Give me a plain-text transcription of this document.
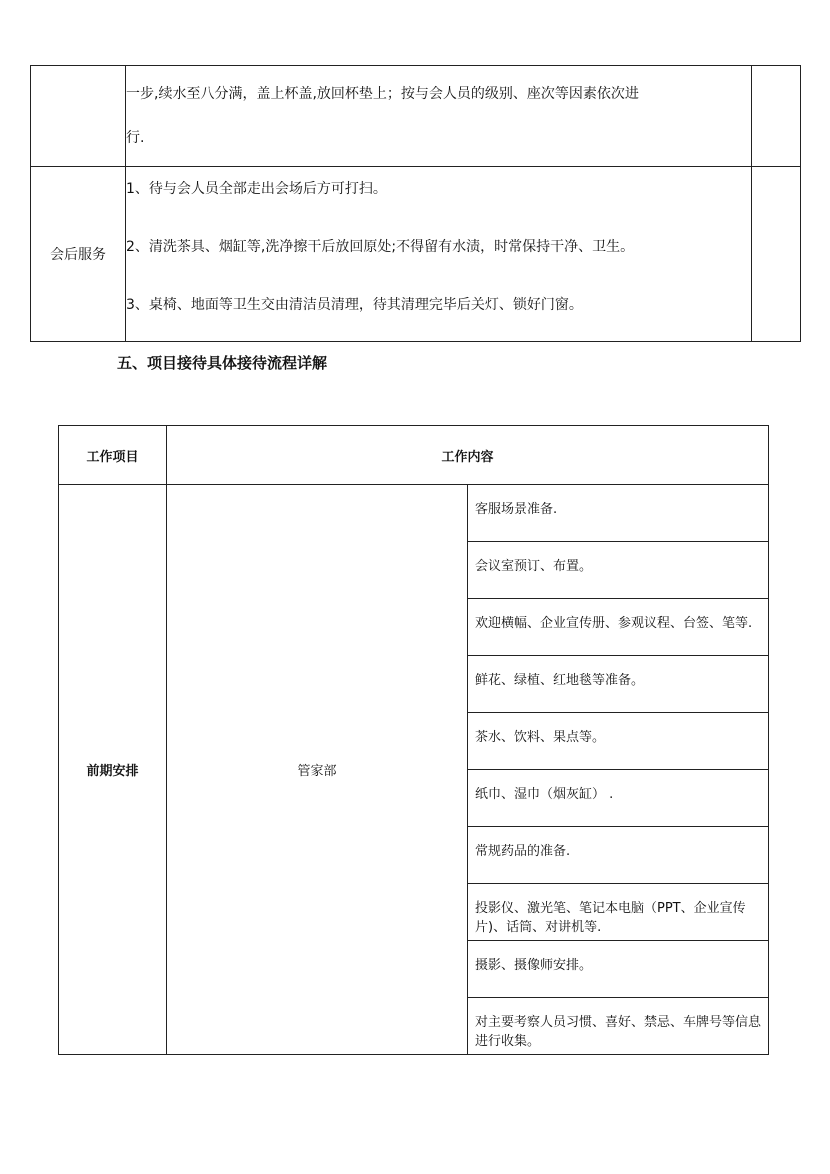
	一步,续水至八分满，盖上杯盖,放回杯垫上；按与会人员的级别、座次等因素依次进

行.	

会后服务	1、待与会人员全部走出会场后方可打扫。

2、清洗茶具、烟缸等,洗净擦干后放回原处;不得留有水渍，时常保持干净、卫生。

3、桌椅、地面等卫生交由清洁员清理，待其清理完毕后关灯、锁好门窗。	

五、项目接待具体接待流程详解

工作项目	工作内容	
前期安排	管家部	客服场景准备.
		会议室预订、布置。
		欢迎横幅、企业宣传册、参观议程、台签、笔等.
		鲜花、绿植、红地毯等准备。
		茶水、饮料、果点等。
		纸巾、湿巾（烟灰缸） .
		常规药品的准备.
		投影仪、激光笔、笔记本电脑（PPT、企业宣传片)、话筒、对讲机等.
		摄影、摄像师安排。
		对主要考察人员习惯、喜好、禁忌、车牌号等信息进行收集。
